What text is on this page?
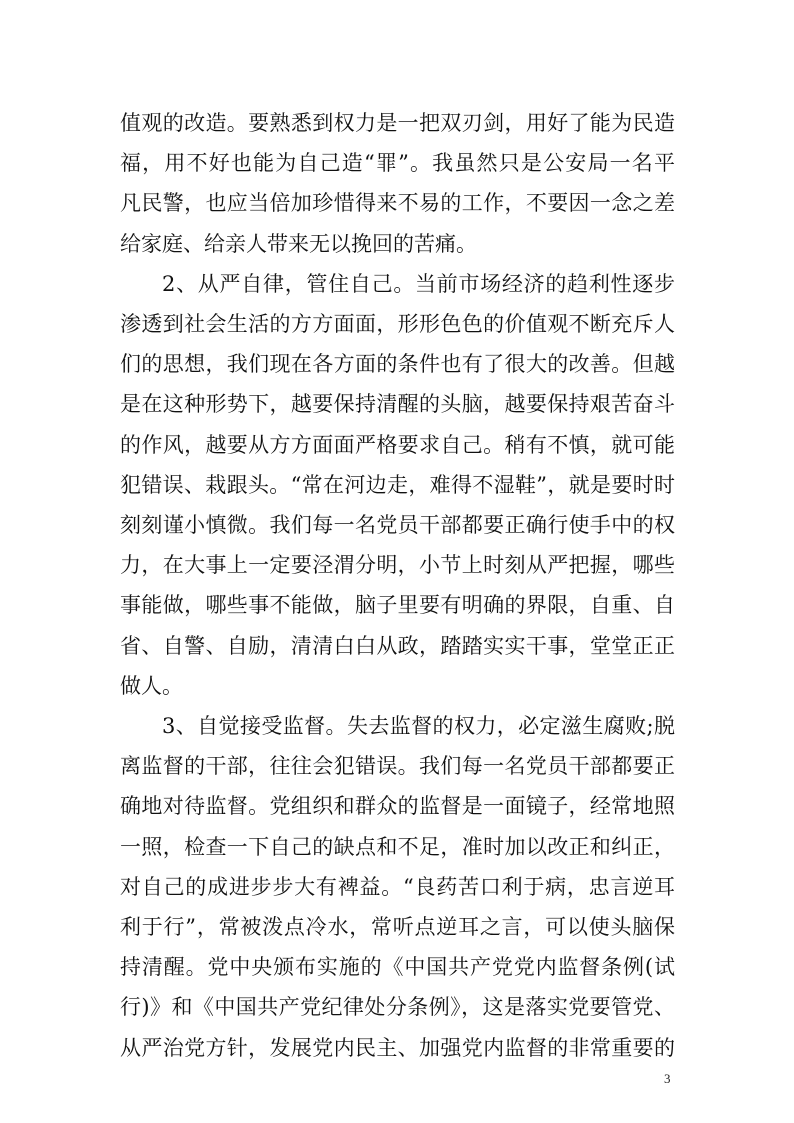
值观的改造。要熟悉到权力是一把双刃剑，用好了能为民造
福，用不好也能为自己造“罪”。我虽然只是公安局一名平
凡民警，也应当倍加珍惜得来不易的工作，不要因一念之差
给家庭、给亲人带来无以挽回的苦痛。
2、从严自律，管住自己。当前市场经济的趋利性逐步
渗透到社会生活的方方面面，形形色色的价值观不断充斥人
们的思想，我们现在各方面的条件也有了很大的改善。但越
是在这种形势下，越要保持清醒的头脑，越要保持艰苦奋斗
的作风，越要从方方面面严格要求自己。稍有不慎，就可能
犯错误、栽跟头。“常在河边走，难得不湿鞋”，就是要时时
刻刻谨小慎微。我们每一名党员干部都要正确行使手中的权
力，在大事上一定要泾渭分明，小节上时刻从严把握，哪些
事能做，哪些事不能做，脑子里要有明确的界限，自重、自
省、自警、自励，清清白白从政，踏踏实实干事，堂堂正正
做人。
3、自觉接受监督。失去监督的权力，必定滋生腐败;脱
离监督的干部，往往会犯错误。我们每一名党员干部都要正
确地对待监督。党组织和群众的监督是一面镜子，经常地照
一照，检查一下自己的缺点和不足，准时加以改正和纠正，
对自己的成进步步大有裨益。“良药苦口利于病，忠言逆耳
利于行”，常被泼点冷水，常听点逆耳之言，可以使头脑保
持清醒。党中央颁布实施的《中国共产党党内监督条例(试
行)》和《中国共产党纪律处分条例》，这是落实党要管党、
从严治党方针，发展党内民主、加强党内监督的非常重要的
3
